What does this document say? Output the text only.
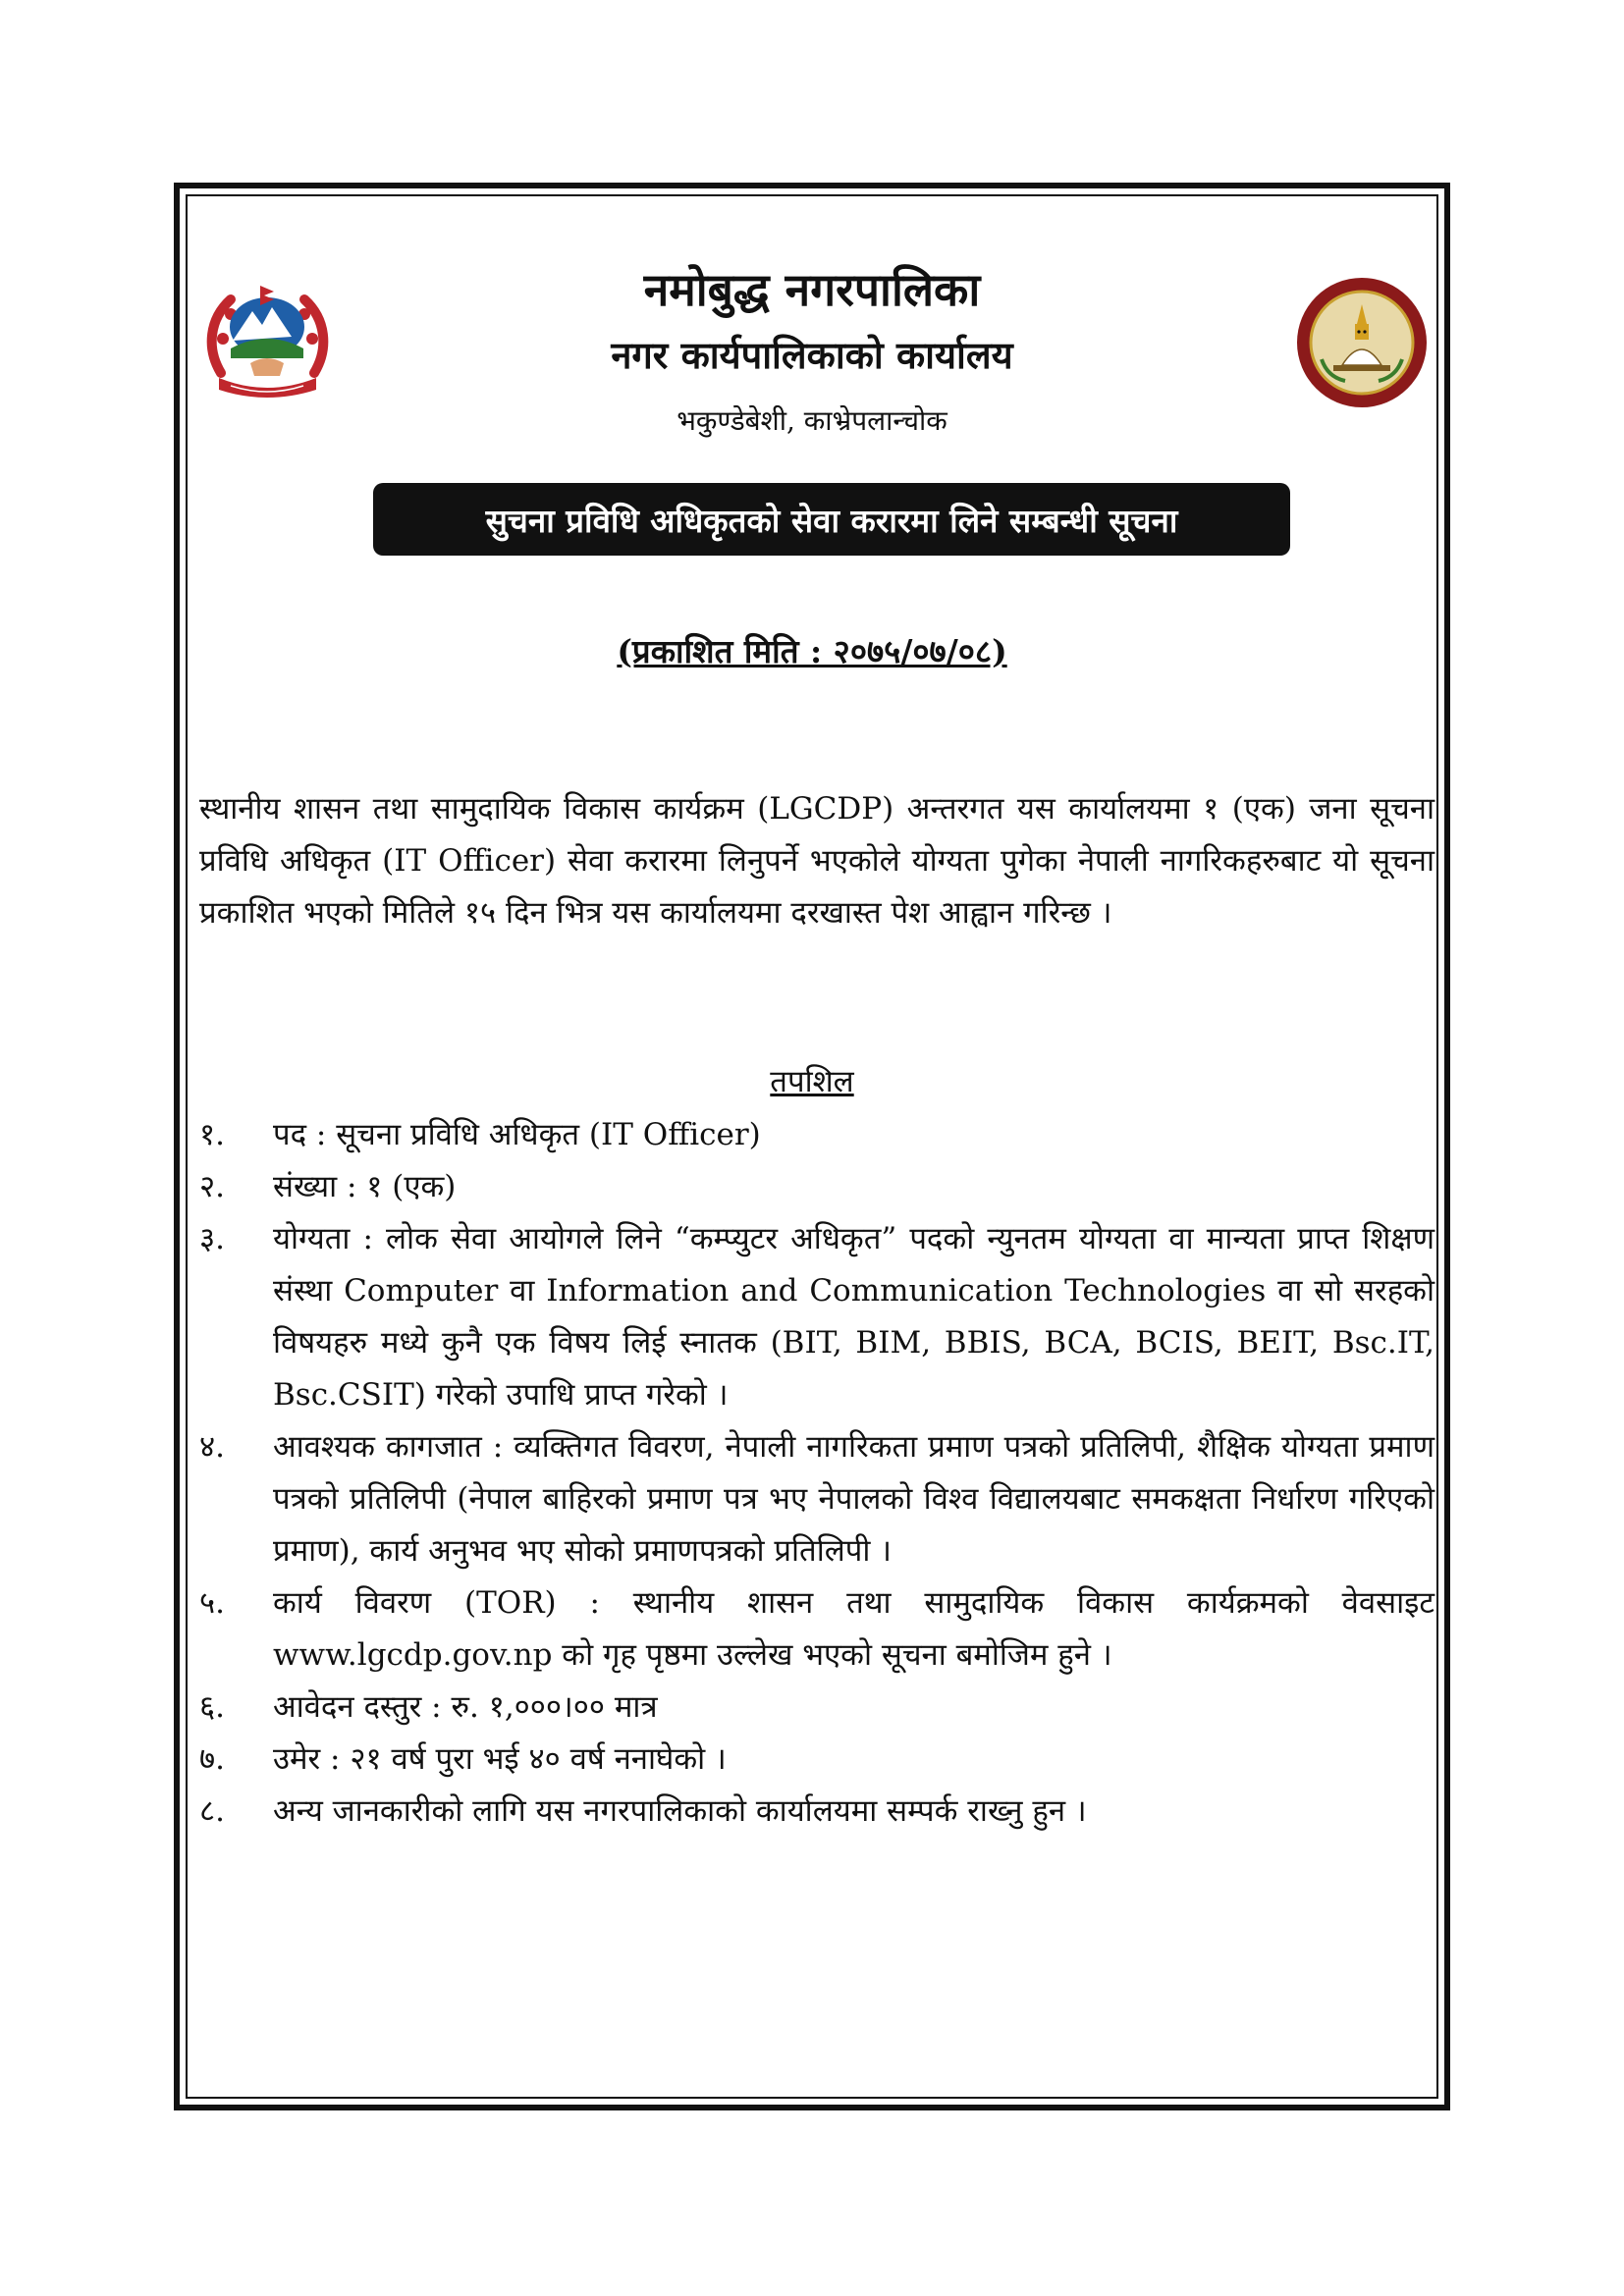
नमोबुद्ध नगरपालिका
नगर कार्यपालिकाको कार्यालय
भकुण्डेबेशी, काभ्रेपलान्चोक
सुचना प्रविधि अधिकृतको सेवा करारमा लिने सम्बन्धी सूचना
(प्रकाशित मिति : २०७५/०७/०८)

स्थानीय शासन तथा सामुदायिक विकास कार्यक्रम (LGCDP) अन्तरगत यस कार्यालयमा १ (एक) जना सूचना प्रविधि अधिकृत (IT Officer) सेवा करारमा लिनुपर्ने भएकोले योग्यता पुगेका नेपाली नागरिकहरुबाट यो सूचना प्रकाशित भएको मितिले १५ दिन भित्र यस कार्यालयमा दरखास्त पेश आह्वान गरिन्छ ।

तपशिल
१.	पद : सूचना प्रविधि अधिकृत (IT Officer)
२.	संख्या : १ (एक)
३.	योग्यता : लोक सेवा आयोगले लिने “कम्प्युटर अधिकृत” पदको न्युनतम योग्यता वा मान्यता प्राप्त शिक्षण संस्था Computer वा Information and Communication Technologies वा सो सरहको विषयहरु मध्ये कुनै एक विषय लिई स्नातक (BIT, BIM, BBIS, BCA, BCIS, BEIT, Bsc.IT, Bsc.CSIT) गरेको उपाधि प्राप्त गरेको ।
४.	आवश्यक कागजात : व्यक्तिगत विवरण, नेपाली नागरिकता प्रमाण पत्रको प्रतिलिपी, शैक्षिक योग्यता प्रमाण पत्रको प्रतिलिपी (नेपाल बाहिरको प्रमाण पत्र भए नेपालको विश्व विद्यालयबाट समकक्षता निर्धारण गरिएको प्रमाण), कार्य अनुभव भए सोको प्रमाणपत्रको प्रतिलिपी ।
५.	कार्य विवरण (TOR) : स्थानीय शासन तथा सामुदायिक विकास कार्यक्रमको वेवसाइट www.lgcdp.gov.np को गृह पृष्ठमा उल्लेख भएको सूचना बमोजिम हुने ।
६.	आवेदन दस्तुर : रु. १,०००।०० मात्र
७.	उमेर : २१ वर्ष पुरा भई ४० वर्ष ननाघेको ।
८.	अन्य जानकारीको लागि यस नगरपालिकाको कार्यालयमा सम्पर्क राख्नु हुन ।
